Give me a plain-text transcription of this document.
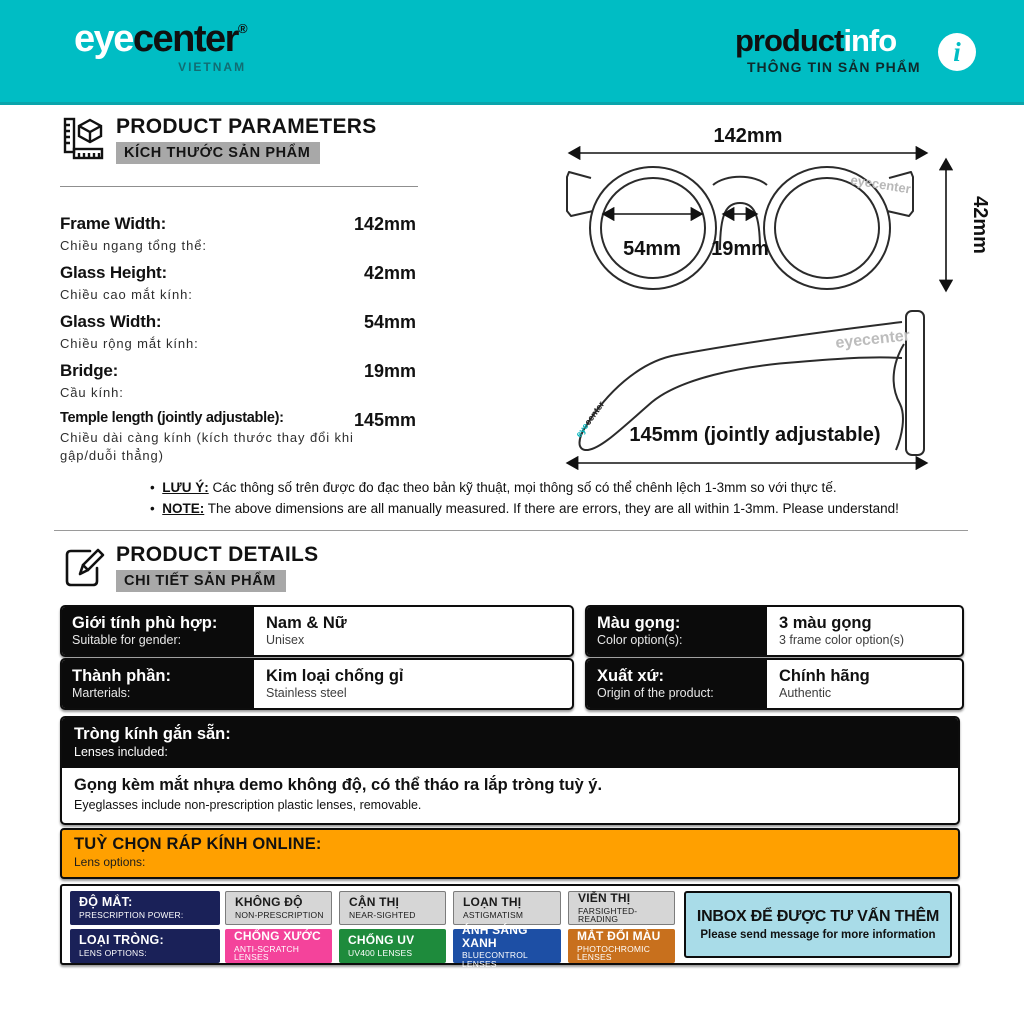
eyecenter®
VIETNAM
productinfo
THÔNG TIN SẢN PHẨM
i
PRODUCT PARAMETERS
KÍCH THƯỚC SẢN PHẨM
Frame Width:	142mm
Chiều ngang tổng thể:
Glass Height:	42mm
Chiều cao mắt kính:
Glass Width:	54mm
Chiều rộng mắt kính:
Bridge:	19mm
Cầu kính:
Temple length (jointly adjustable):	145mm
Chiều dài càng kính (kích thước thay đổi khi gập/duỗi thẳng)
• LƯU Ý: Các thông số trên được đo đạc theo bản kỹ thuật, mọi thông số có thể chênh lệch 1-3mm so với thực tế.
• NOTE: The above dimensions are all manually measured. If there are errors, they are all within 1-3mm. Please understand!
142mm
54mm 19mm	42mm
eyecenter
eyecenter
eyecenter
145mm (jointly adjustable)
PRODUCT DETAILS
CHI TIẾT SẢN PHẨM
Giới tính phù hợp:
Suitable for gender:
Nam & Nữ
Unisex
Thành phần:
Marterials:
Kim loại chống gỉ
Stainless steel
Màu gọng:
Color option(s):
3 màu gọng
3 frame color option(s)
Xuất xứ:
Origin of the product:
Chính hãng
Authentic
Tròng kính gắn sẵn:
Lenses included:
Gọng kèm mắt nhựa demo không độ, có thể tháo ra lắp tròng tuỳ ý.
Eyeglasses include non-prescription plastic lenses, removable.
TUỲ CHỌN RÁP KÍNH ONLINE:
Lens options:
ĐỘ MẮT:
PRESCRIPTION POWER:
KHÔNG ĐỘ
NON-PRESCRIPTION
CẬN THỊ
NEAR-SIGHTED
LOẠN THỊ
ASTIGMATISM
VIỄN THỊ
FARSIGHTED-READING
LOẠI TRÒNG:
LENS OPTIONS:
CHỐNG XƯỚC
ANTI-SCRATCH LENSES
CHỐNG UV
UV400 LENSES
ÁNH SÁNG XANH
BLUECONTROL LENSES
MẮT ĐỔI MÀU
PHOTOCHROMIC LENSES
INBOX ĐỂ ĐƯỢC TƯ VẤN THÊM
Please send message for more information
